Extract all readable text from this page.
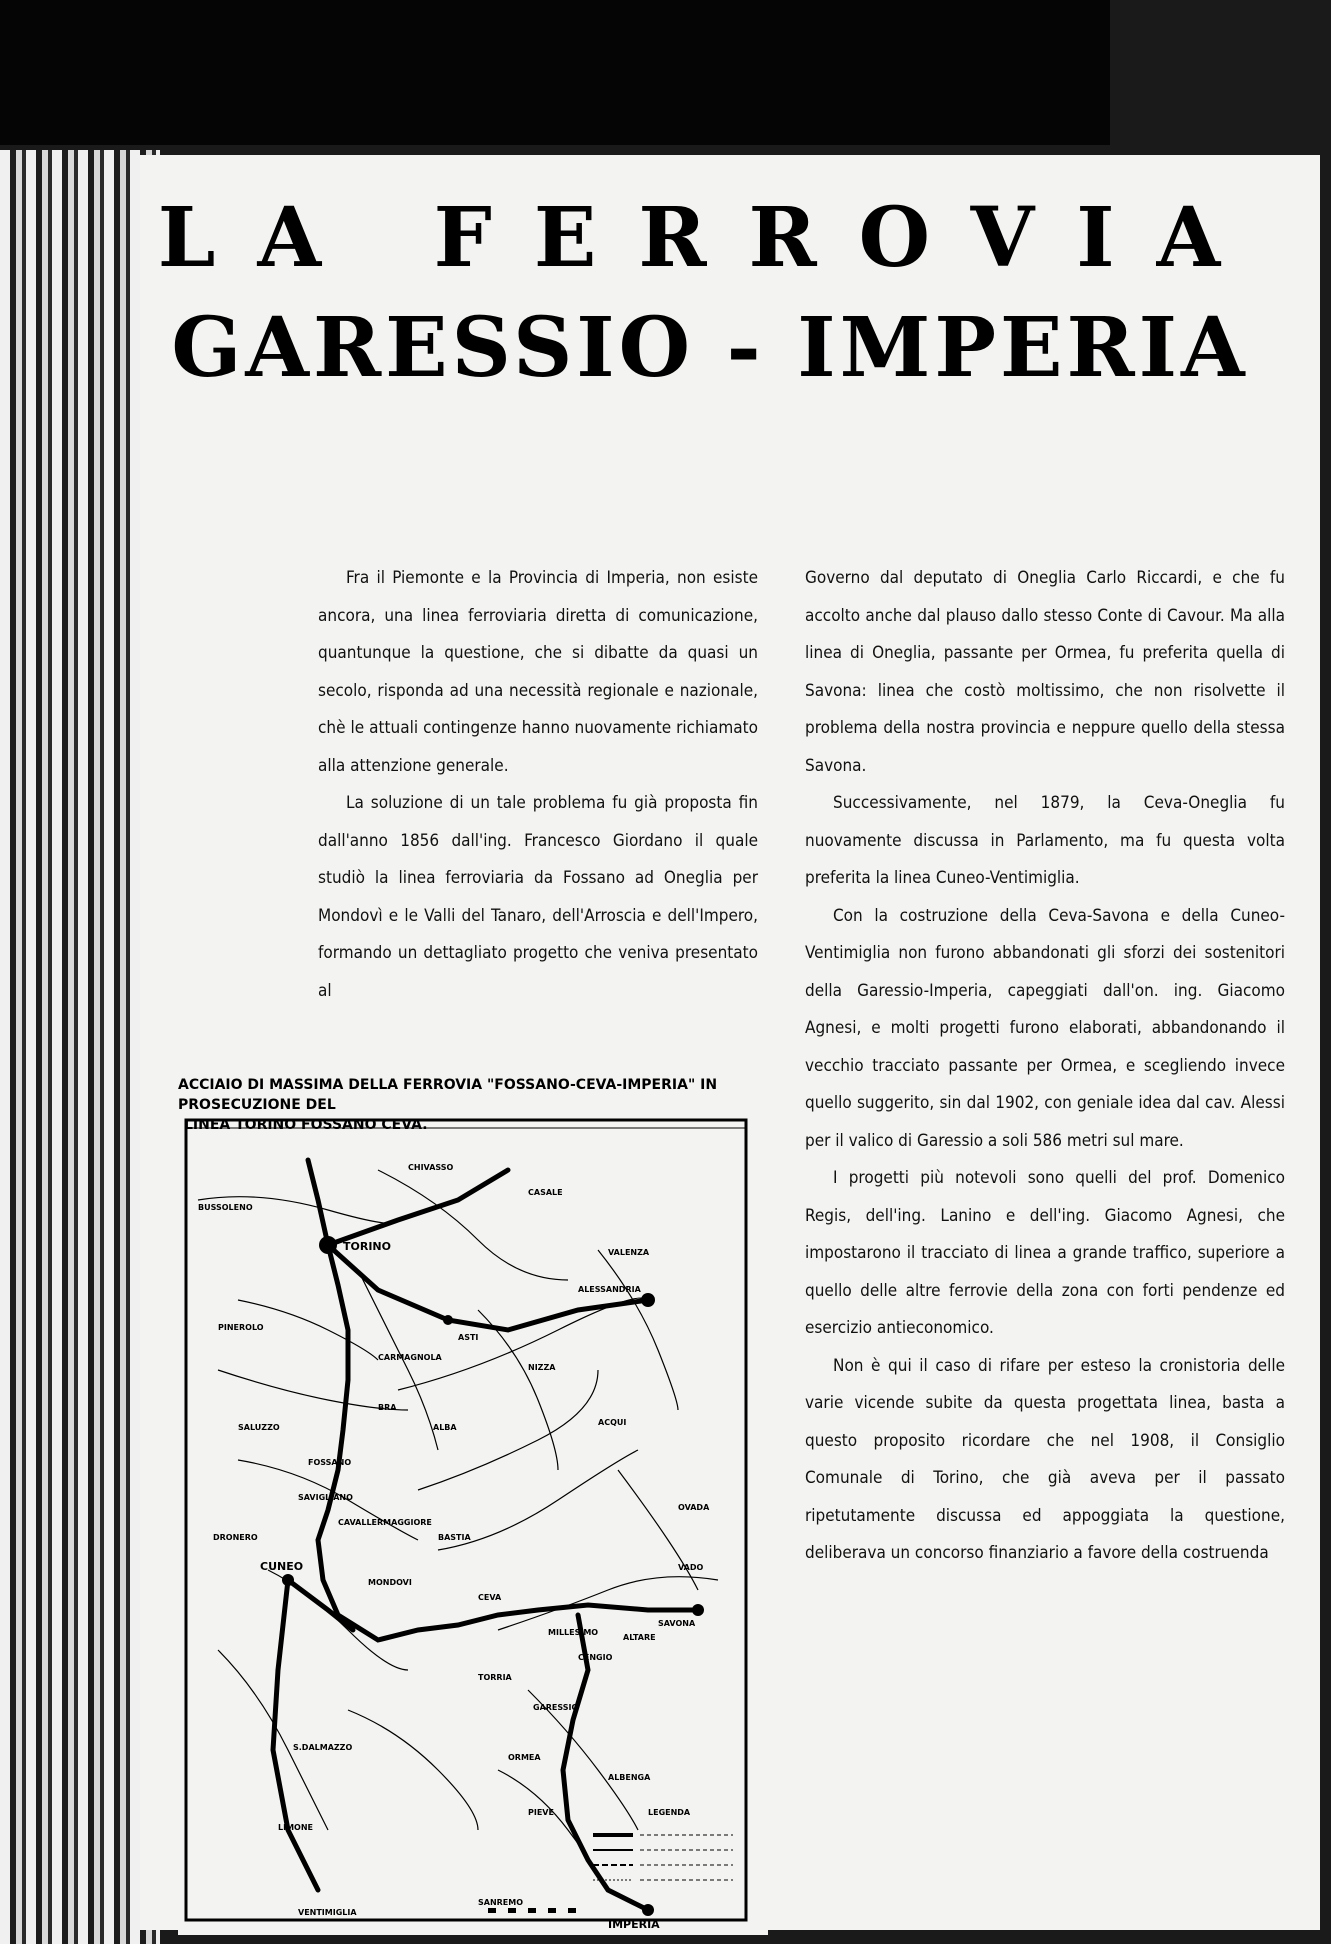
LA FERROVIA
GARESSIO - IMPERIA

Fra il Piemonte e la Provincia di Imperia, non esiste ancora, una linea ferroviaria diretta di comunicazione, quantunque la questione, che si dibatte da quasi un secolo, risponda ad una necessità regionale e nazionale, chè le attuali contingenze hanno nuovamente richiamato alla attenzione generale.

La soluzione di un tale problema fu già proposta fin dall'anno 1856 dall'ing. Francesco Giordano il quale studiò la linea ferroviaria da Fossano ad Oneglia per Mondovì e le Valli del Tanaro, dell'Arroscia e dell'Impero, formando un dettagliato progetto che veniva presentato al

Governo dal deputato di Oneglia Carlo Riccardi, e che fu accolto anche dal plauso dallo stesso Conte di Cavour. Ma alla linea di Oneglia, passante per Ormea, fu preferita quella di Savona: linea che costò moltissimo, che non risolvette il problema della nostra provincia e neppure quello della stessa Savona.

Successivamente, nel 1879, la Ceva-Oneglia fu nuovamente discussa in Parlamento, ma fu questa volta preferita la linea Cuneo-Ventimiglia.

Con la costruzione della Ceva-Savona e della Cuneo-Ventimiglia non furono abbandonati gli sforzi dei sostenitori della Garessio-Imperia, capeggiati dall'on. ing. Giacomo Agnesi, e molti progetti furono elaborati, abbandonando il vecchio tracciato passante per Ormea, e scegliendo invece quello suggerito, sin dal 1902, con geniale idea dal cav. Alessi per il valico di Garessio a soli 586 metri sul mare.

I progetti più notevoli sono quelli del prof. Domenico Regis, dell'ing. Lanino e dell'ing. Giacomo Agnesi, che impostarono il tracciato di linea a grande traffico, superiore a quello delle altre ferrovie della zona con forti pendenze ed esercizio antieconomico.

Non è qui il caso di rifare per esteso la cronistoria delle varie vicende subite da questa progettata linea, basta a questo proposito ricordare che nel 1908, il Consiglio Comunale di Torino, che già aveva per il passato ripetutamente discussa ed appoggiata la questione, deliberava un concorso finanziario a favore della costruenda

TORINO
CASALE
ASTI
ALESSANDRIA
CUNEO
SAVONA
IMPERIA
GARESSIO
FOSSANO
BRA
ALBA
ACQUI
CEVA
MONDOVI
ALTARE
MILLESIMO
ORMEA
ALBENGA
CHIVASSO
VALENZA
CARMAGNOLA
SALUZZO
SAVIGLIANO
PINEROLO
BUSSOLENO
CAVALLERMAGGIORE
NIZZA
BASTIA
SANREMO
VENTIMIGLIA
DRONERO
LIMONE
S.DALMAZZO
CENGIO
VADO
PIEVE
TORRIA
OVADA
LEGENDA
ACCIAIO DI MASSIMA DELLA FERROVIA "FOSSANO-CEVA-IMPERIA" IN PROSECUZIONE DEL
LINEA TORINO FOSSANO CEVA.
